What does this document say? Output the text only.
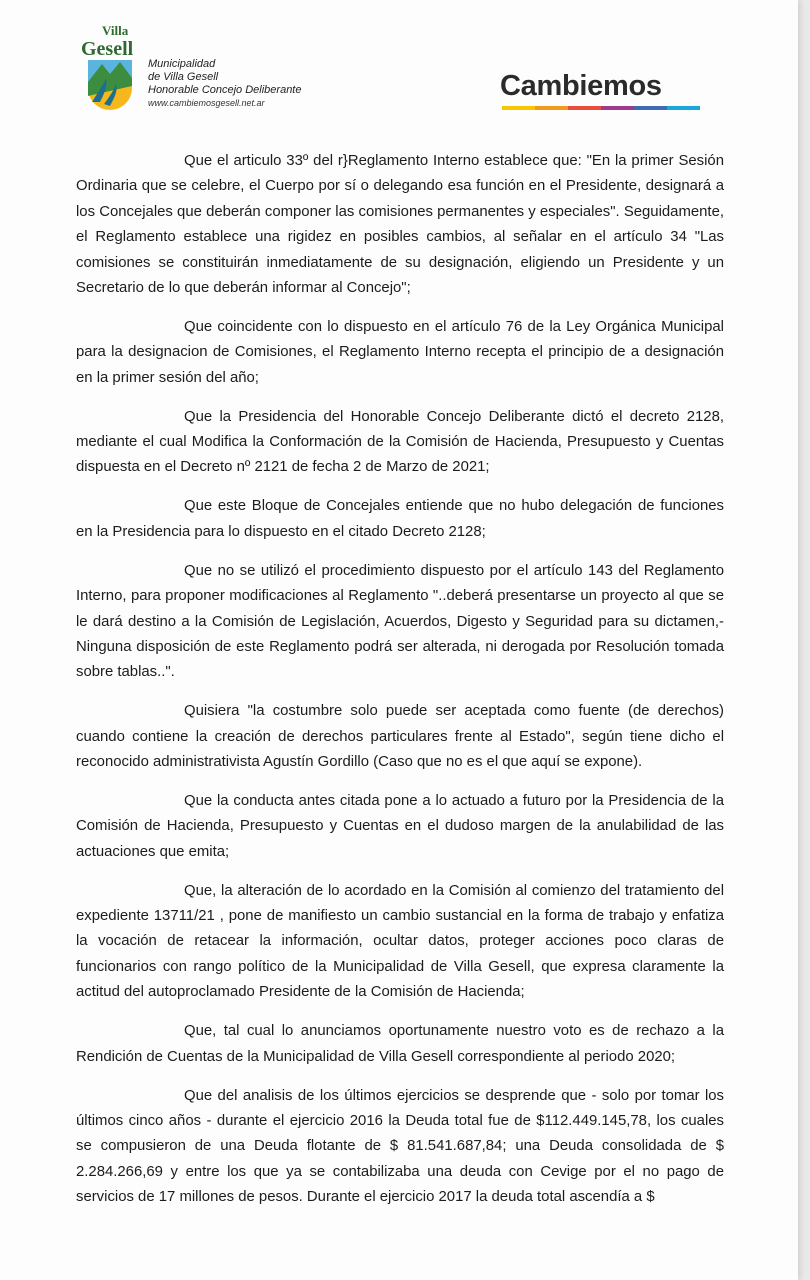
Villa
Gesell
Municipalidad
de Villa Gesell
Honorable Concejo Deliberante
www.cambiemosgesell.net.ar
Cambiemos

Que el articulo 33º del r}Reglamento Interno establece que: "En la primer Sesión Ordinaria que se celebre, el Cuerpo por sí o delegando esa función en el Presidente, designará a los Concejales que deberán componer las comisiones permanentes y especiales". Seguidamente, el Reglamento establece una rigidez en posibles cambios, al señalar en el artículo 34 "Las comisiones se constituirán inmediatamente de su designación, eligiendo un Presidente y un Secretario de lo que deberán informar al Concejo";

Que coincidente con lo dispuesto en el artículo 76 de la Ley Orgánica Municipal para la designacion de Comisiones, el Reglamento Interno recepta el principio de a designación en la primer sesión del año;

Que la Presidencia del Honorable Concejo Deliberante dictó el decreto 2128, mediante el cual Modifica la Conformación de la Comisión de Hacienda, Presupuesto y Cuentas dispuesta en el Decreto nº 2121 de fecha 2 de Marzo de 2021;

Que este Bloque de Concejales entiende que no hubo delegación de funciones en la Presidencia para lo dispuesto en el citado Decreto 2128;

Que no se utilizó el procedimiento dispuesto por el artículo 143 del Reglamento Interno, para proponer modificaciones al Reglamento "..deberá presentarse un proyecto al que se le dará destino a la Comisión de Legislación, Acuerdos, Digesto y Seguridad para su dictamen,- Ninguna disposición de este Reglamento podrá ser alterada, ni derogada por Resolución tomada sobre tablas..".

Quisiera "la costumbre solo puede ser aceptada como fuente (de derechos) cuando contiene la creación de derechos particulares frente al Estado", según tiene dicho el reconocido administrativista Agustín Gordillo (Caso que no es el que aquí se expone).

Que la conducta antes citada pone a lo actuado a futuro por la Presidencia de la Comisión de Hacienda, Presupuesto y Cuentas en el dudoso margen de la anulabilidad de las actuaciones que emita;

Que, la alteración de lo acordado en la Comisión al comienzo del tratamiento del expediente 13711/21 , pone de manifiesto un cambio sustancial en la forma de trabajo y enfatiza la vocación de retacear la información, ocultar datos, proteger acciones poco claras de funcionarios con rango político de la Municipalidad de Villa Gesell, que expresa claramente la actitud del autoproclamado Presidente de la Comisión de Hacienda;

Que, tal cual lo anunciamos oportunamente nuestro voto es de rechazo a la Rendición de Cuentas de la Municipalidad de Villa Gesell correspondiente al periodo 2020;

Que del analisis de los últimos ejercicios se desprende que - solo por tomar los últimos cinco años - durante el ejercicio 2016 la Deuda total fue de $112.449.145,78, los cuales se compusieron de una Deuda flotante de $ 81.541.687,84; una Deuda consolidada de $ 2.284.266,69 y entre los que ya se contabilizaba una deuda con Cevige por el no pago de servicios de 17 millones de pesos. Durante el ejercicio 2017 la deuda total ascendía a $
